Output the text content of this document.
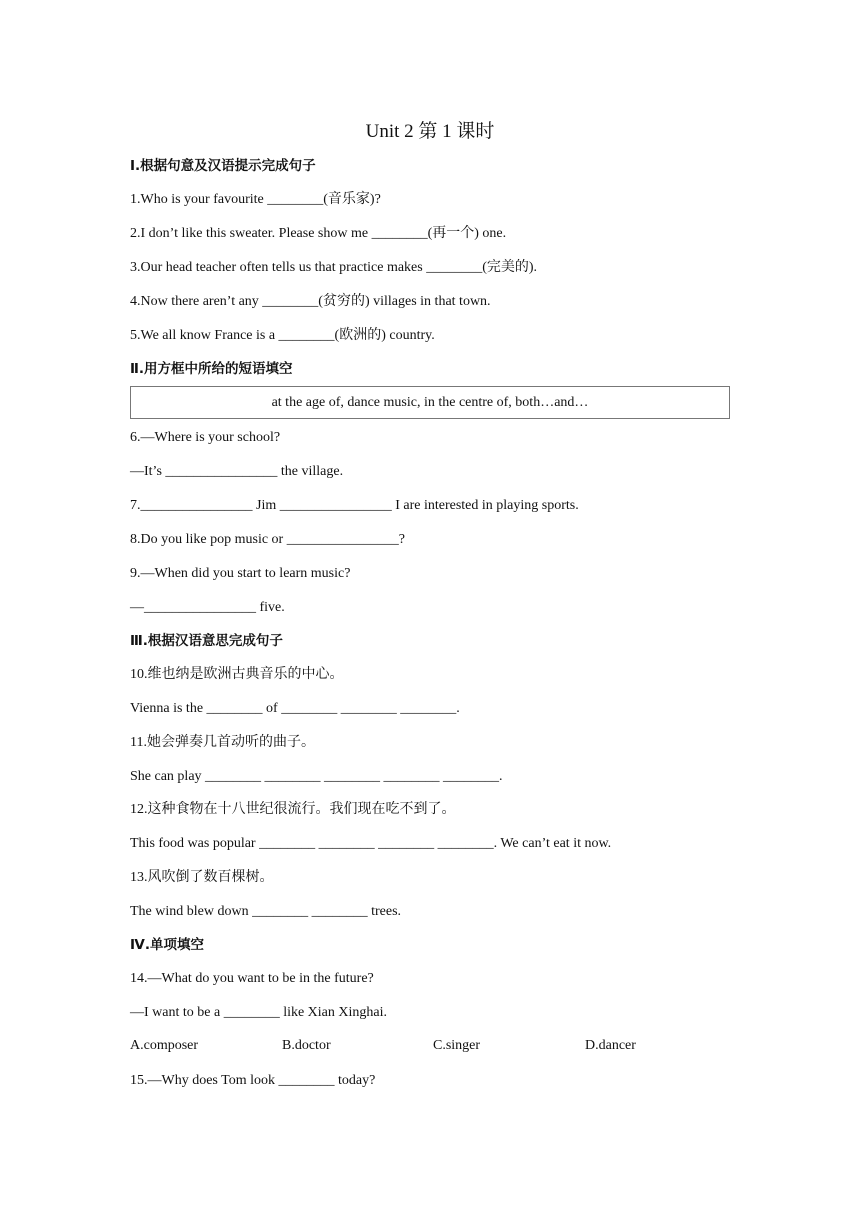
Unit 2 第 1 课时
Ⅰ.根据句意及汉语提示完成句子
1.Who is your favourite ________(音乐家)?
2.I don’t like this sweater. Please show me ________(再一个) one.
3.Our head teacher often tells us that practice makes ________(完美的).
4.Now there aren’t any ________(贫穷的) villages in that town.
5.We all know France is a ________(欧洲的) country.
Ⅱ.用方框中所给的短语填空
at the age of, dance music, in the centre of, both…and…
6.—Where is your school?
—It’s ________________ the village.
7.________________ Jim ________________ I are interested in playing sports.
8.Do you like pop music or ________________?
9.—When did you start to learn music?
—________________ five.
Ⅲ.根据汉语意思完成句子
10.维也纳是欧洲古典音乐的中心。
Vienna is the ________ of ________ ________ ________.
11.她会弹奏几首动听的曲子。
She can play ________ ________ ________ ________ ________.
12.这种食物在十八世纪很流行。我们现在吃不到了。
This food was popular ________ ________ ________ ________. We can’t eat it now.
13.风吹倒了数百棵树。
The wind blew down ________ ________ trees.
Ⅳ.单项填空
14.—What do you want to be in the future?
—I want to be a ________ like Xian Xinghai.
A.composer	B.doctor	C.singer	D.dancer
15.—Why does Tom look ________ today?
